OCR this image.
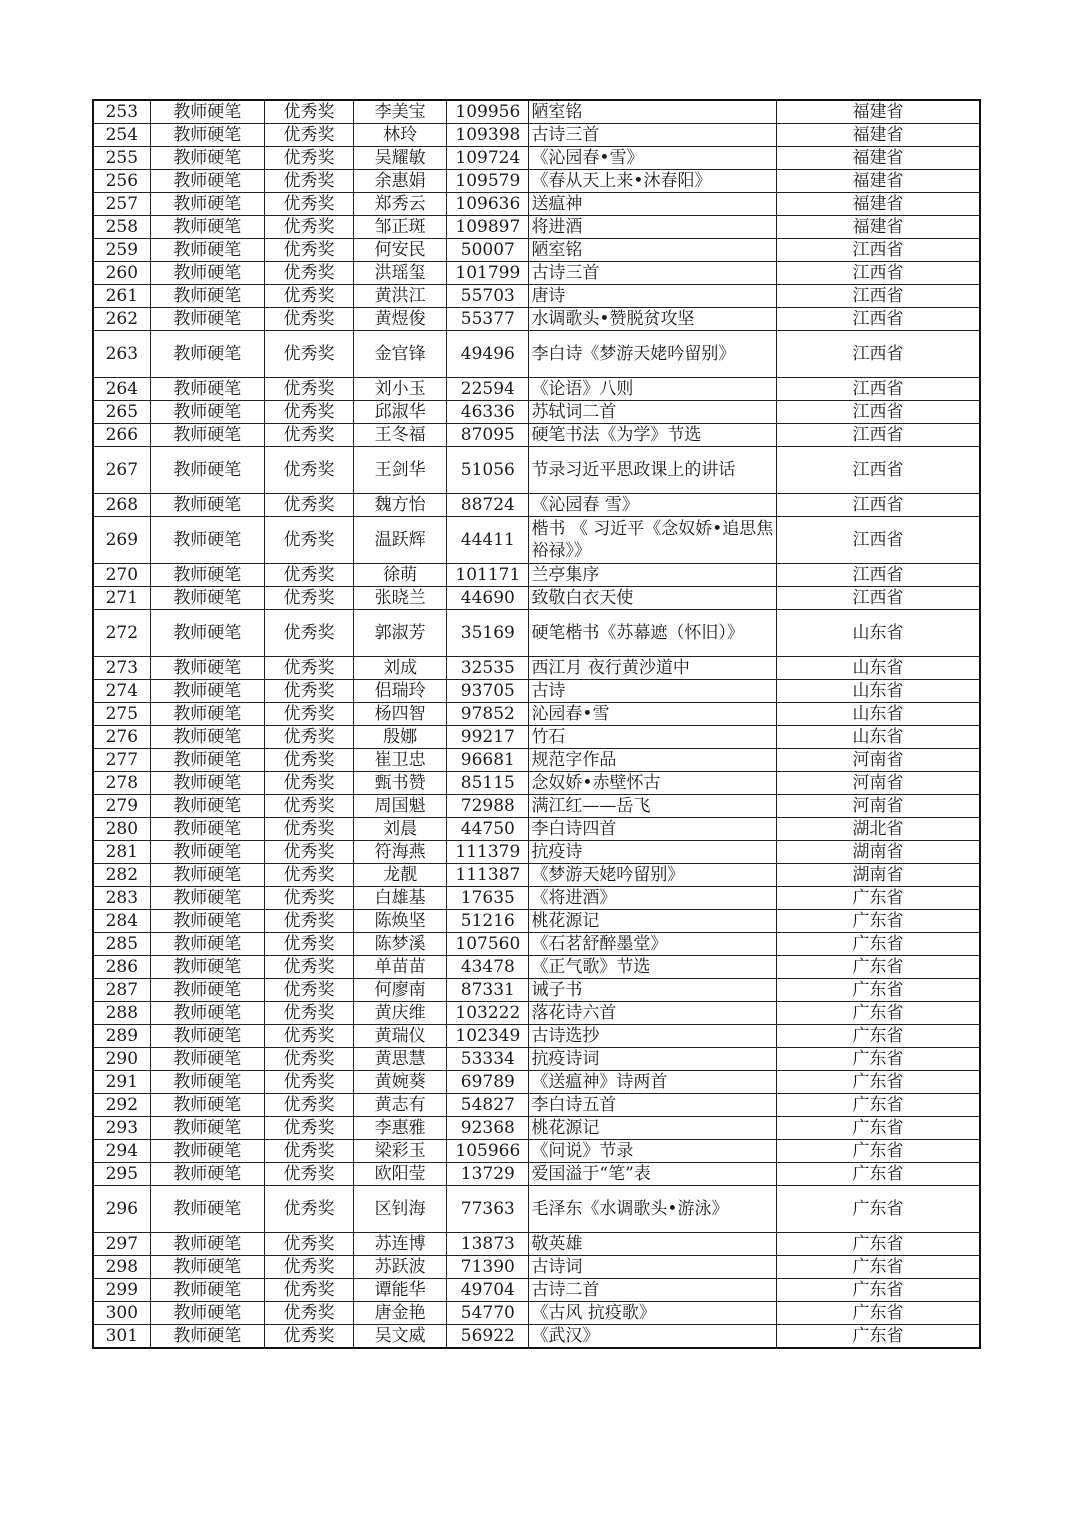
253	教师硬笔	优秀奖	李美宝	109956	陋室铭	福建省
254	教师硬笔	优秀奖	林玲	109398	古诗三首	福建省
255	教师硬笔	优秀奖	吴耀敏	109724	《沁园春•雪》	福建省
256	教师硬笔	优秀奖	余惠娟	109579	《春从天上来•沐春阳》	福建省
257	教师硬笔	优秀奖	郑秀云	109636	送瘟神	福建省
258	教师硬笔	优秀奖	邹正斑	109897	将进酒	福建省
259	教师硬笔	优秀奖	何安民	50007	陋室铭	江西省
260	教师硬笔	优秀奖	洪瑶玺	101799	古诗三首	江西省
261	教师硬笔	优秀奖	黄洪江	55703	唐诗	江西省
262	教师硬笔	优秀奖	黄煜俊	55377	水调歌头•赞脱贫攻坚	江西省
263	教师硬笔	优秀奖	金官锋	49496	李白诗《梦游天姥吟留别》	江西省
264	教师硬笔	优秀奖	刘小玉	22594	《论语》八则	江西省
265	教师硬笔	优秀奖	邱淑华	46336	苏轼词二首	江西省
266	教师硬笔	优秀奖	王冬福	87095	硬笔书法《为学》节选	江西省
267	教师硬笔	优秀奖	王剑华	51056	节录习近平思政课上的讲话	江西省
268	教师硬笔	优秀奖	魏方怡	88724	《沁园春 雪》	江西省
269	教师硬笔	优秀奖	温跃辉	44411	楷书 《 习近平《念奴娇•追思焦裕禄》》	江西省
270	教师硬笔	优秀奖	徐萌	101171	兰亭集序	江西省
271	教师硬笔	优秀奖	张晓兰	44690	致敬白衣天使	江西省
272	教师硬笔	优秀奖	郭淑芳	35169	硬笔楷书《苏幕遮（怀旧）》	山东省
273	教师硬笔	优秀奖	刘成	32535	西江月 夜行黄沙道中	山东省
274	教师硬笔	优秀奖	侣瑞玲	93705	古诗	山东省
275	教师硬笔	优秀奖	杨四智	97852	沁园春•雪	山东省
276	教师硬笔	优秀奖	殷娜	99217	竹石	山东省
277	教师硬笔	优秀奖	崔卫忠	96681	规范字作品	河南省
278	教师硬笔	优秀奖	甄书赞	85115	念奴娇•赤壁怀古	河南省
279	教师硬笔	优秀奖	周国魁	72988	满江红——岳飞	河南省
280	教师硬笔	优秀奖	刘晨	44750	李白诗四首	湖北省
281	教师硬笔	优秀奖	符海燕	111379	抗疫诗	湖南省
282	教师硬笔	优秀奖	龙靓	111387	《梦游天姥吟留别》	湖南省
283	教师硬笔	优秀奖	白雄基	17635	《将进酒》	广东省
284	教师硬笔	优秀奖	陈焕坚	51216	桃花源记	广东省
285	教师硬笔	优秀奖	陈梦溪	107560	《石茗舒醉墨堂》	广东省
286	教师硬笔	优秀奖	单苗苗	43478	《正气歌》节选	广东省
287	教师硬笔	优秀奖	何廖南	87331	诫子书	广东省
288	教师硬笔	优秀奖	黄庆维	103222	落花诗六首	广东省
289	教师硬笔	优秀奖	黄瑞仪	102349	古诗选抄	广东省
290	教师硬笔	优秀奖	黄思慧	53334	抗疫诗词	广东省
291	教师硬笔	优秀奖	黄婉葵	69789	《送瘟神》诗两首	广东省
292	教师硬笔	优秀奖	黄志有	54827	李白诗五首	广东省
293	教师硬笔	优秀奖	李惠雅	92368	桃花源记	广东省
294	教师硬笔	优秀奖	梁彩玉	105966	《问说》节录	广东省
295	教师硬笔	优秀奖	欧阳莹	13729	爱国溢于“笔”表	广东省
296	教师硬笔	优秀奖	区钊海	77363	毛泽东《水调歌头•游泳》	广东省
297	教师硬笔	优秀奖	苏连博	13873	敬英雄	广东省
298	教师硬笔	优秀奖	苏跃波	71390	古诗词	广东省
299	教师硬笔	优秀奖	谭能华	49704	古诗二首	广东省
300	教师硬笔	优秀奖	唐金艳	54770	《古风 抗疫歌》	广东省
301	教师硬笔	优秀奖	吴文威	56922	《武汉》	广东省
